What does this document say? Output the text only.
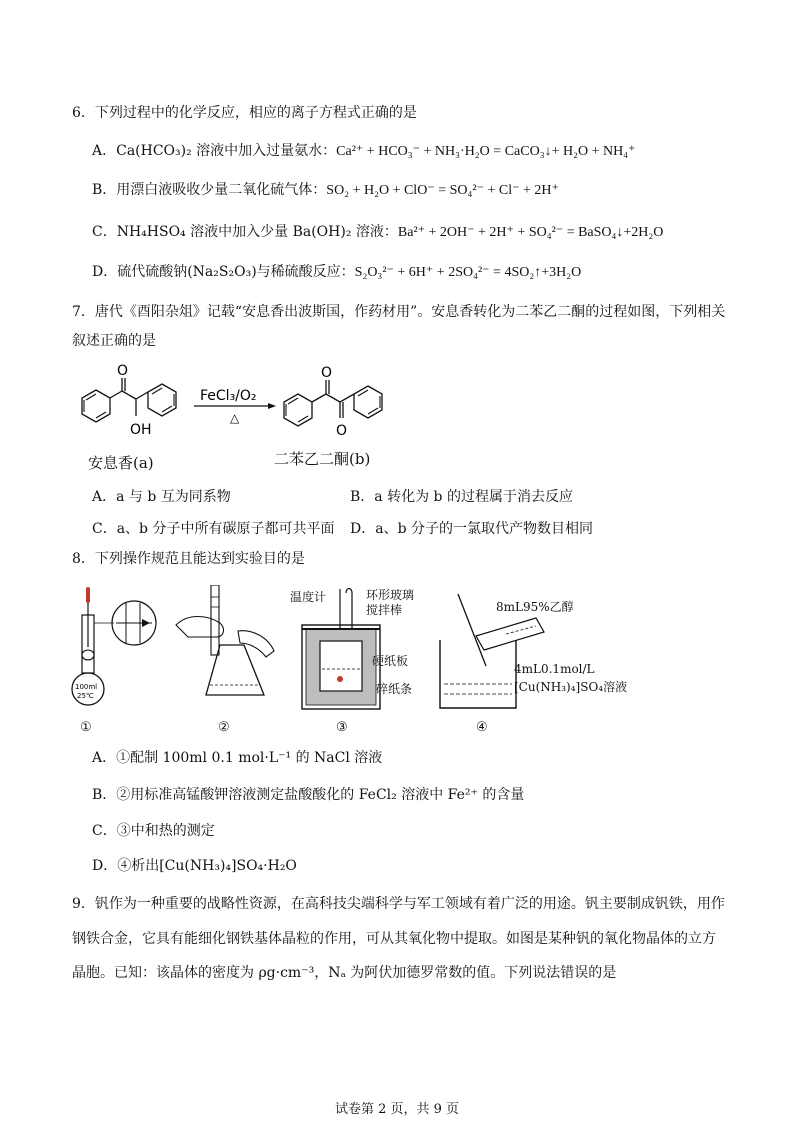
6．下列过程中的化学反应，相应的离子方程式正确的是
A．Ca(HCO₃)₂ 溶液中加入过量氨水：Ca²⁺ + HCO₃⁻ + NH₃·H₂O = CaCO₃↓+ H₂O + NH₄⁺
B．用漂白液吸收少量二氧化硫气体：SO₂ + H₂O + ClO⁻ = SO₄²⁻ + Cl⁻ + 2H⁺
C．NH₄HSO₄ 溶液中加入少量 Ba(OH)₂ 溶液：Ba²⁺ + 2OH⁻ + 2H⁺ + SO₄²⁻ = BaSO₄↓+2H₂O
D．硫代硫酸钠(Na₂S₂O₃)与稀硫酸反应：S₂O₃²⁻ + 6H⁺ + 2SO₄²⁻ = 4SO₂↑+3H₂O
7．唐代《酉阳杂俎》记载“安息香出波斯国，作药材用”。安息香转化为二苯乙二酮的过程如图，下列相关
叙述正确的是
O
OH
FeCl₃/O₂
△
O
O
安息香(a)	二苯乙二酮(b)
A．a 与 b 互为同系物	B．a 转化为 b 的过程属于消去反应
C．a、b 分子中所有碳原子都可共平面 D．a、b 分子的一氯取代产物数目相同
8．下列操作规范且能达到实验目的是
100ml
25℃
温度计	环形玻璃
搅拌棒
硬纸板
碎纸条
8mL95%乙醇
4mL0.1mol/L
[Cu(NH₃)₄]SO₄溶液
①	②	③	④
A．①配制 100ml 0.1 mol·L⁻¹ 的 NaCl 溶液
B．②用标准高锰酸钾溶液测定盐酸酸化的 FeCl₂ 溶液中 Fe²⁺ 的含量
C．③中和热的测定
D．④析出[Cu(NH₃)₄]SO₄·H₂O
9．钒作为一种重要的战略性资源，在高科技尖端科学与军工领域有着广泛的用途。钒主要制成钒铁，用作
钢铁合金，它具有能细化钢铁基体晶粒的作用，可从其氧化物中提取。如图是某种钒的氧化物晶体的立方
晶胞。已知：该晶体的密度为 ρg·cm⁻³，Nₐ 为阿伏加德罗常数的值。下列说法错误的是
试卷第 2 页，共 9 页
